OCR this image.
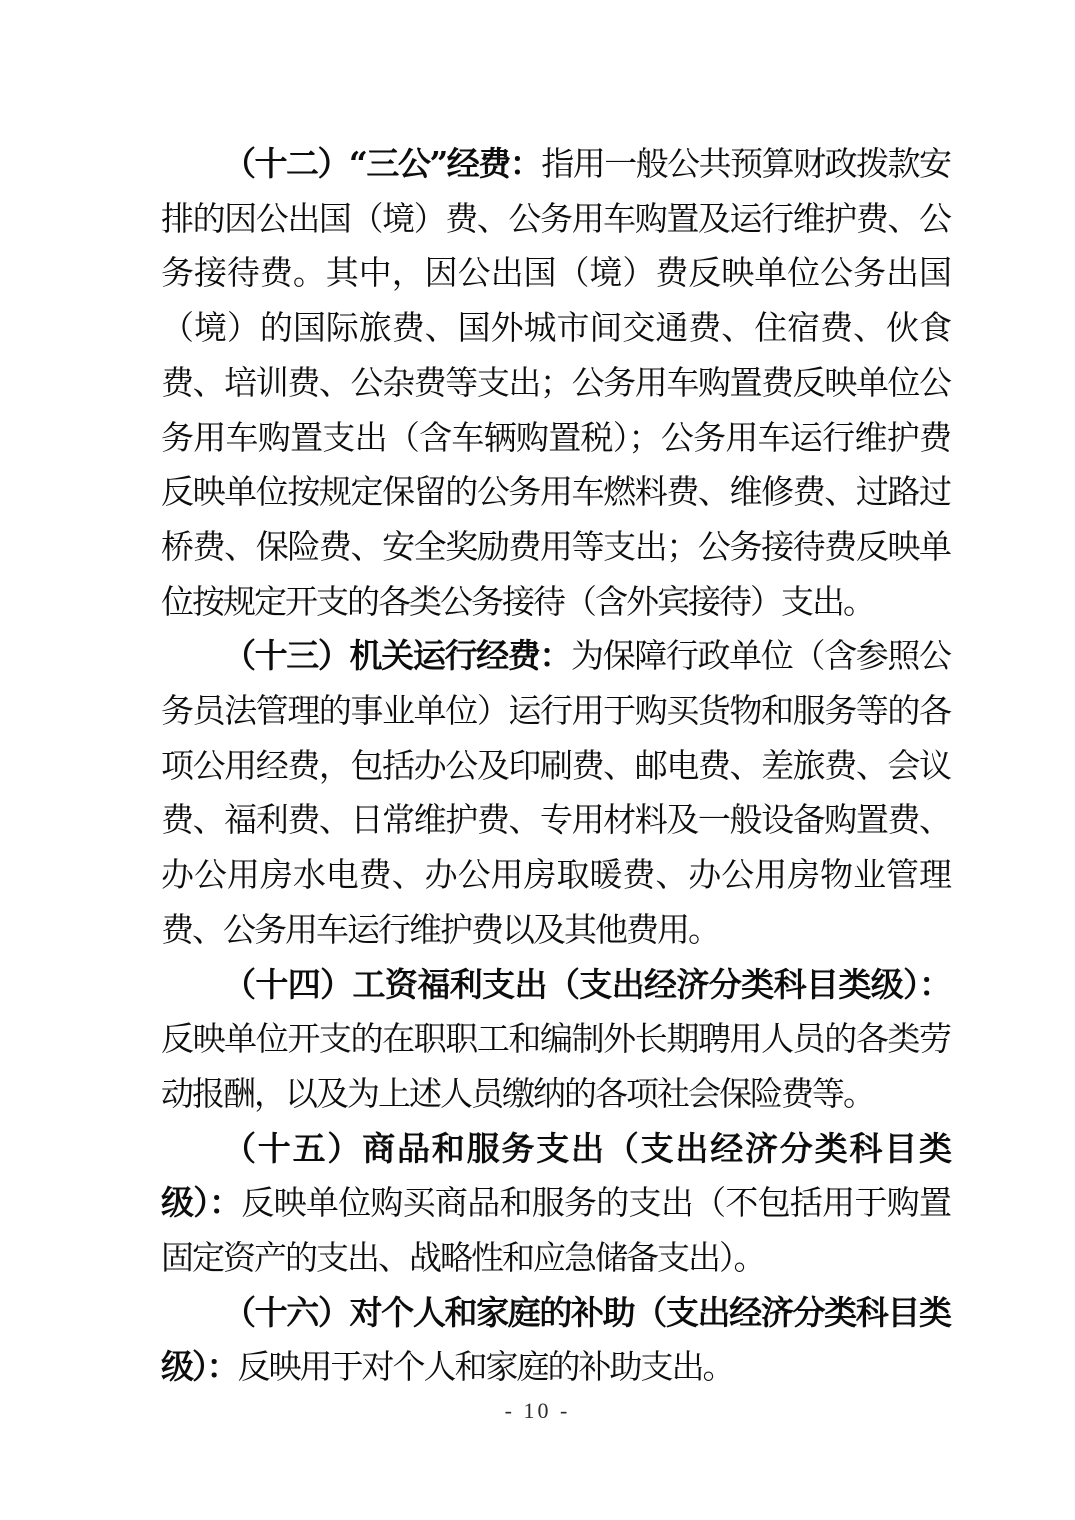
（十二）“三公”经费：指用一般公共预算财政拨款安排的因公出国（境）费、公务用车购置及运行维护费、公务接待费。其中，因公出国（境）费反映单位公务出国（境）的国际旅费、国外城市间交通费、住宿费、伙食费、培训费、公杂费等支出；公务用车购置费反映单位公务用车购置支出（含车辆购置税）；公务用车运行维护费反映单位按规定保留的公务用车燃料费、维修费、过路过桥费、保险费、安全奖励费用等支出；公务接待费反映单位按规定开支的各类公务接待（含外宾接待）支出。

（十三）机关运行经费：为保障行政单位（含参照公务员法管理的事业单位）运行用于购买货物和服务等的各项公用经费，包括办公及印刷费、邮电费、差旅费、会议费、福利费、日常维护费、专用材料及一般设备购置费、办公用房水电费、办公用房取暖费、办公用房物业管理费、公务用车运行维护费以及其他费用。

（十四）工资福利支出（支出经济分类科目类级）：反映单位开支的在职职工和编制外长期聘用人员的各类劳动报酬，以及为上述人员缴纳的各项社会保险费等。

（十五）商品和服务支出（支出经济分类科目类级）：反映单位购买商品和服务的支出（不包括用于购置固定资产的支出、战略性和应急储备支出）。

（十六）对个人和家庭的补助（支出经济分类科目类级）：反映用于对个人和家庭的补助支出。

- 10 -
